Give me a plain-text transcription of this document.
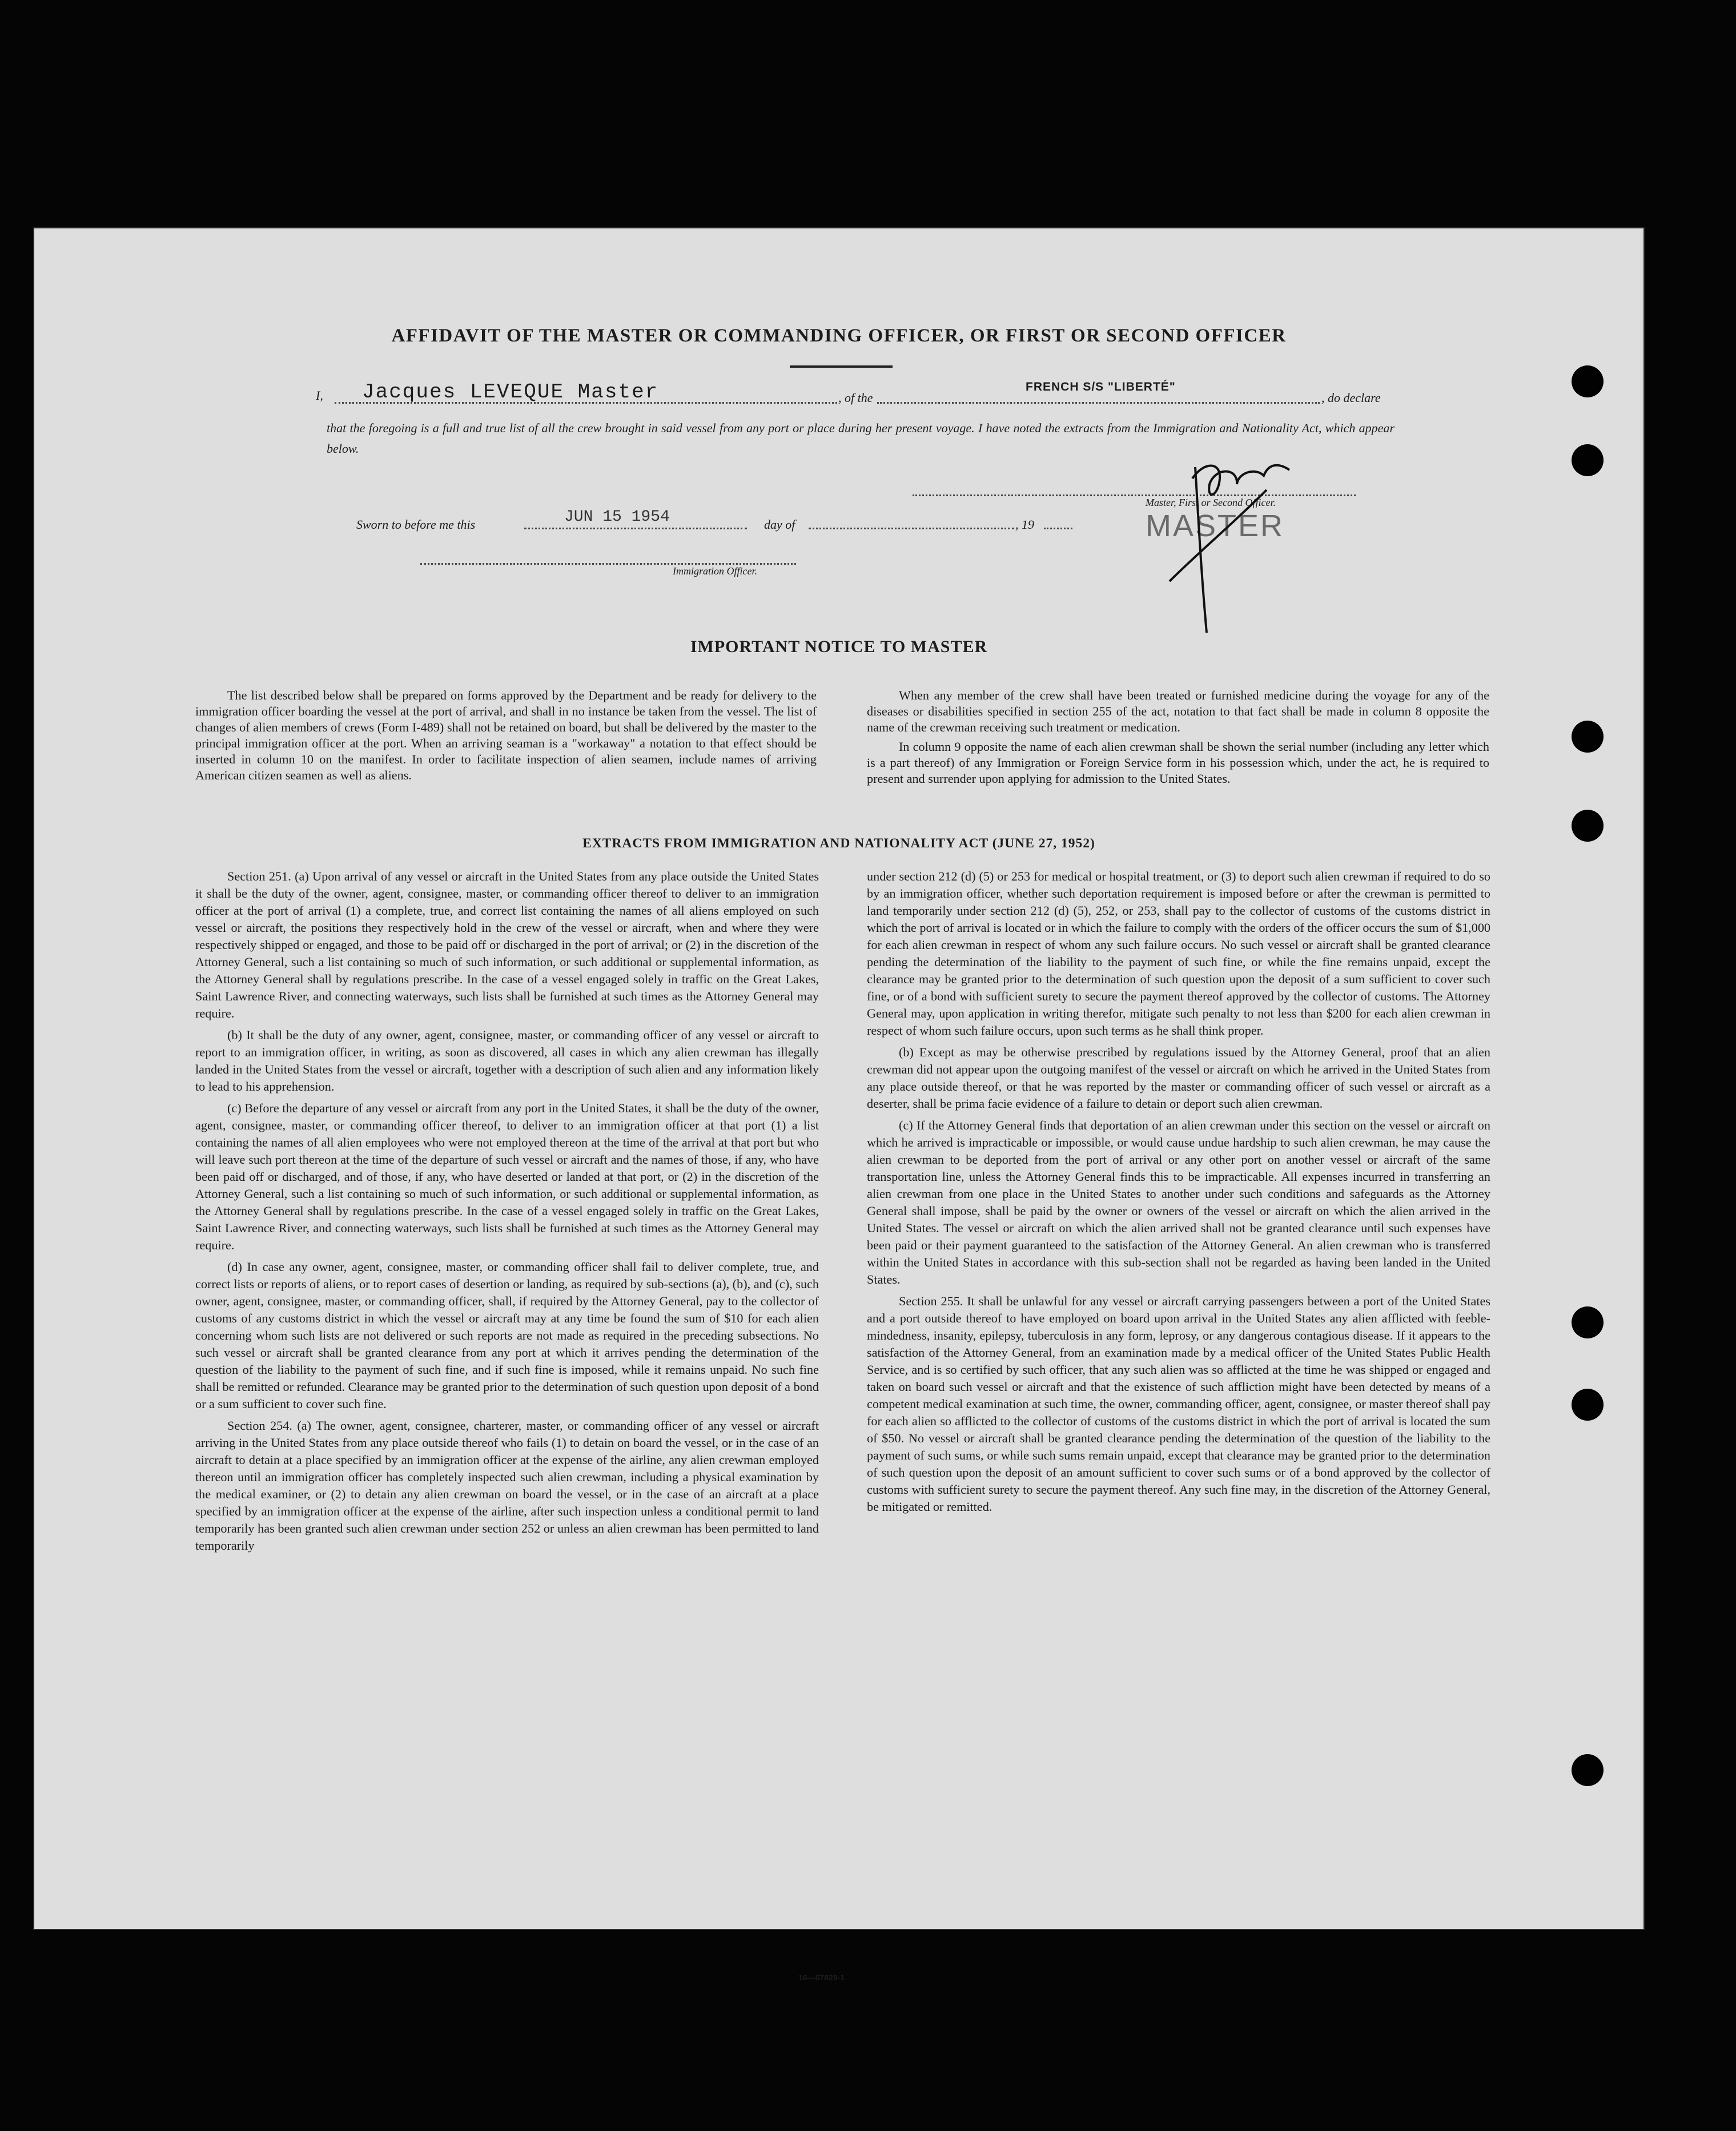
AFFIDAVIT OF THE MASTER OR COMMANDING OFFICER, OR FIRST OR SECOND OFFICER
I, Jacques LEVEQUE Master	, of the
FRENCH S/S "LIBERTÉ"
, do declare
that the foregoing is a full and true list of all the crew brought in said vessel from any port or place during her present voyage. I have noted the extracts from the Immigration and Nationality Act, which appear below.
Master, First or Second Officer.
MASTER
Sworn to before me this	JUN 15 1954	day of	, 19
Immigration Officer.
IMPORTANT NOTICE TO MASTER

The list described below shall be prepared on forms approved by the Department and be ready for delivery to the immigration officer boarding the vessel at the port of arrival, and shall in no instance be taken from the vessel. The list of changes of alien members of crews (Form I-489) shall not be retained on board, but shall be delivered by the master to the principal immigration officer at the port. When an arriving seaman is a "workaway" a notation to that effect should be inserted in column 10 on the manifest. In order to facilitate inspection of alien seamen, include names of arriving American citizen seamen as well as aliens.

When any member of the crew shall have been treated or furnished medicine during the voyage for any of the diseases or disabilities specified in section 255 of the act, notation to that fact shall be made in column 8 opposite the name of the crewman receiving such treatment or medication.

In column 9 opposite the name of each alien crewman shall be shown the serial number (including any letter which is a part thereof) of any Immigration or Foreign Service form in his possession which, under the act, he is required to present and surrender upon applying for admission to the United States.

EXTRACTS FROM IMMIGRATION AND NATIONALITY ACT (JUNE 27, 1952)

Section 251. (a) Upon arrival of any vessel or aircraft in the United States from any place outside the United States it shall be the duty of the owner, agent, consignee, master, or commanding officer thereof to deliver to an immigration officer at the port of arrival (1) a complete, true, and correct list containing the names of all aliens employed on such vessel or aircraft, the positions they respectively hold in the crew of the vessel or aircraft, when and where they were respectively shipped or engaged, and those to be paid off or discharged in the port of arrival; or (2) in the discretion of the Attorney General, such a list containing so much of such information, or such additional or supplemental information, as the Attorney General shall by regulations prescribe. In the case of a vessel engaged solely in traffic on the Great Lakes, Saint Lawrence River, and connecting waterways, such lists shall be furnished at such times as the Attorney General may require.

(b) It shall be the duty of any owner, agent, consignee, master, or commanding officer of any vessel or aircraft to report to an immigration officer, in writing, as soon as discovered, all cases in which any alien crewman has illegally landed in the United States from the vessel or aircraft, together with a description of such alien and any information likely to lead to his apprehension.

(c) Before the departure of any vessel or aircraft from any port in the United States, it shall be the duty of the owner, agent, consignee, master, or commanding officer thereof, to deliver to an immigration officer at that port (1) a list containing the names of all alien employees who were not employed thereon at the time of the arrival at that port but who will leave such port thereon at the time of the departure of such vessel or aircraft and the names of those, if any, who have been paid off or discharged, and of those, if any, who have deserted or landed at that port, or (2) in the discretion of the Attorney General, such a list containing so much of such information, or such additional or supplemental information, as the Attorney General shall by regulations prescribe. In the case of a vessel engaged solely in traffic on the Great Lakes, Saint Lawrence River, and connecting waterways, such lists shall be furnished at such times as the Attorney General may require.

(d) In case any owner, agent, consignee, master, or commanding officer shall fail to deliver complete, true, and correct lists or reports of aliens, or to report cases of desertion or landing, as required by sub-sections (a), (b), and (c), such owner, agent, consignee, master, or commanding officer, shall, if required by the Attorney General, pay to the collector of customs of any customs district in which the vessel or aircraft may at any time be found the sum of $10 for each alien concerning whom such lists are not delivered or such reports are not made as required in the preceding subsections. No such vessel or aircraft shall be granted clearance from any port at which it arrives pending the determination of the question of the liability to the payment of such fine, and if such fine is imposed, while it remains unpaid. No such fine shall be remitted or refunded. Clearance may be granted prior to the determination of such question upon deposit of a bond or a sum sufficient to cover such fine.

Section 254. (a) The owner, agent, consignee, charterer, master, or commanding officer of any vessel or aircraft arriving in the United States from any place outside thereof who fails (1) to detain on board the vessel, or in the case of an aircraft to detain at a place specified by an immigration officer at the expense of the airline, any alien crewman employed thereon until an immigration officer has completely inspected such alien crewman, including a physical examination by the medical examiner, or (2) to detain any alien crewman on board the vessel, or in the case of an aircraft at a place specified by an immigration officer at the expense of the airline, after such inspection unless a conditional permit to land temporarily has been granted such alien crewman under section 252 or unless an alien crewman has been permitted to land temporarily

under section 212 (d) (5) or 253 for medical or hospital treatment, or (3) to deport such alien crewman if required to do so by an immigration officer, whether such deportation requirement is imposed before or after the crewman is permitted to land temporarily under section 212 (d) (5), 252, or 253, shall pay to the collector of customs of the customs district in which the port of arrival is located or in which the failure to comply with the orders of the officer occurs the sum of $1,000 for each alien crewman in respect of whom any such failure occurs. No such vessel or aircraft shall be granted clearance pending the determination of the liability to the payment of such fine, or while the fine remains unpaid, except the clearance may be granted prior to the determination of such question upon the deposit of a sum sufficient to cover such fine, or of a bond with sufficient surety to secure the payment thereof approved by the collector of customs. The Attorney General may, upon application in writing therefor, mitigate such penalty to not less than $200 for each alien crewman in respect of whom such failure occurs, upon such terms as he shall think proper.

(b) Except as may be otherwise prescribed by regulations issued by the Attorney General, proof that an alien crewman did not appear upon the outgoing manifest of the vessel or aircraft on which he arrived in the United States from any place outside thereof, or that he was reported by the master or commanding officer of such vessel or aircraft as a deserter, shall be prima facie evidence of a failure to detain or deport such alien crewman.

(c) If the Attorney General finds that deportation of an alien crewman under this section on the vessel or aircraft on which he arrived is impracticable or impossible, or would cause undue hardship to such alien crewman, he may cause the alien crewman to be deported from the port of arrival or any other port on another vessel or aircraft of the same transportation line, unless the Attorney General finds this to be impracticable. All expenses incurred in transferring an alien crewman from one place in the United States to another under such conditions and safeguards as the Attorney General shall impose, shall be paid by the owner or owners of the vessel or aircraft on which the alien arrived in the United States. The vessel or aircraft on which the alien arrived shall not be granted clearance until such expenses have been paid or their payment guaranteed to the satisfaction of the Attorney General. An alien crewman who is transferred within the United States in accordance with this sub-section shall not be regarded as having been landed in the United States.

Section 255. It shall be unlawful for any vessel or aircraft carrying passengers between a port of the United States and a port outside thereof to have employed on board upon arrival in the United States any alien afflicted with feeble-mindedness, insanity, epilepsy, tuberculosis in any form, leprosy, or any dangerous contagious disease. If it appears to the satisfaction of the Attorney General, from an examination made by a medical officer of the United States Public Health Service, and is so certified by such officer, that any such alien was so afflicted at the time he was shipped or engaged and taken on board such vessel or aircraft and that the existence of such affliction might have been detected by means of a competent medical examination at such time, the owner, commanding officer, agent, consignee, or master thereof shall pay for each alien so afflicted to the collector of customs of the customs district in which the port of arrival is located the sum of $50. No vessel or aircraft shall be granted clearance pending the determination of the question of the liability to the payment of such sums, or while such sums remain unpaid, except that clearance may be granted prior to the determination of such question upon the deposit of an amount sufficient to cover such sums or of a bond approved by the collector of customs with sufficient surety to secure the payment thereof. Any such fine may, in the discretion of the Attorney General, be mitigated or remitted.

16—67829-1
